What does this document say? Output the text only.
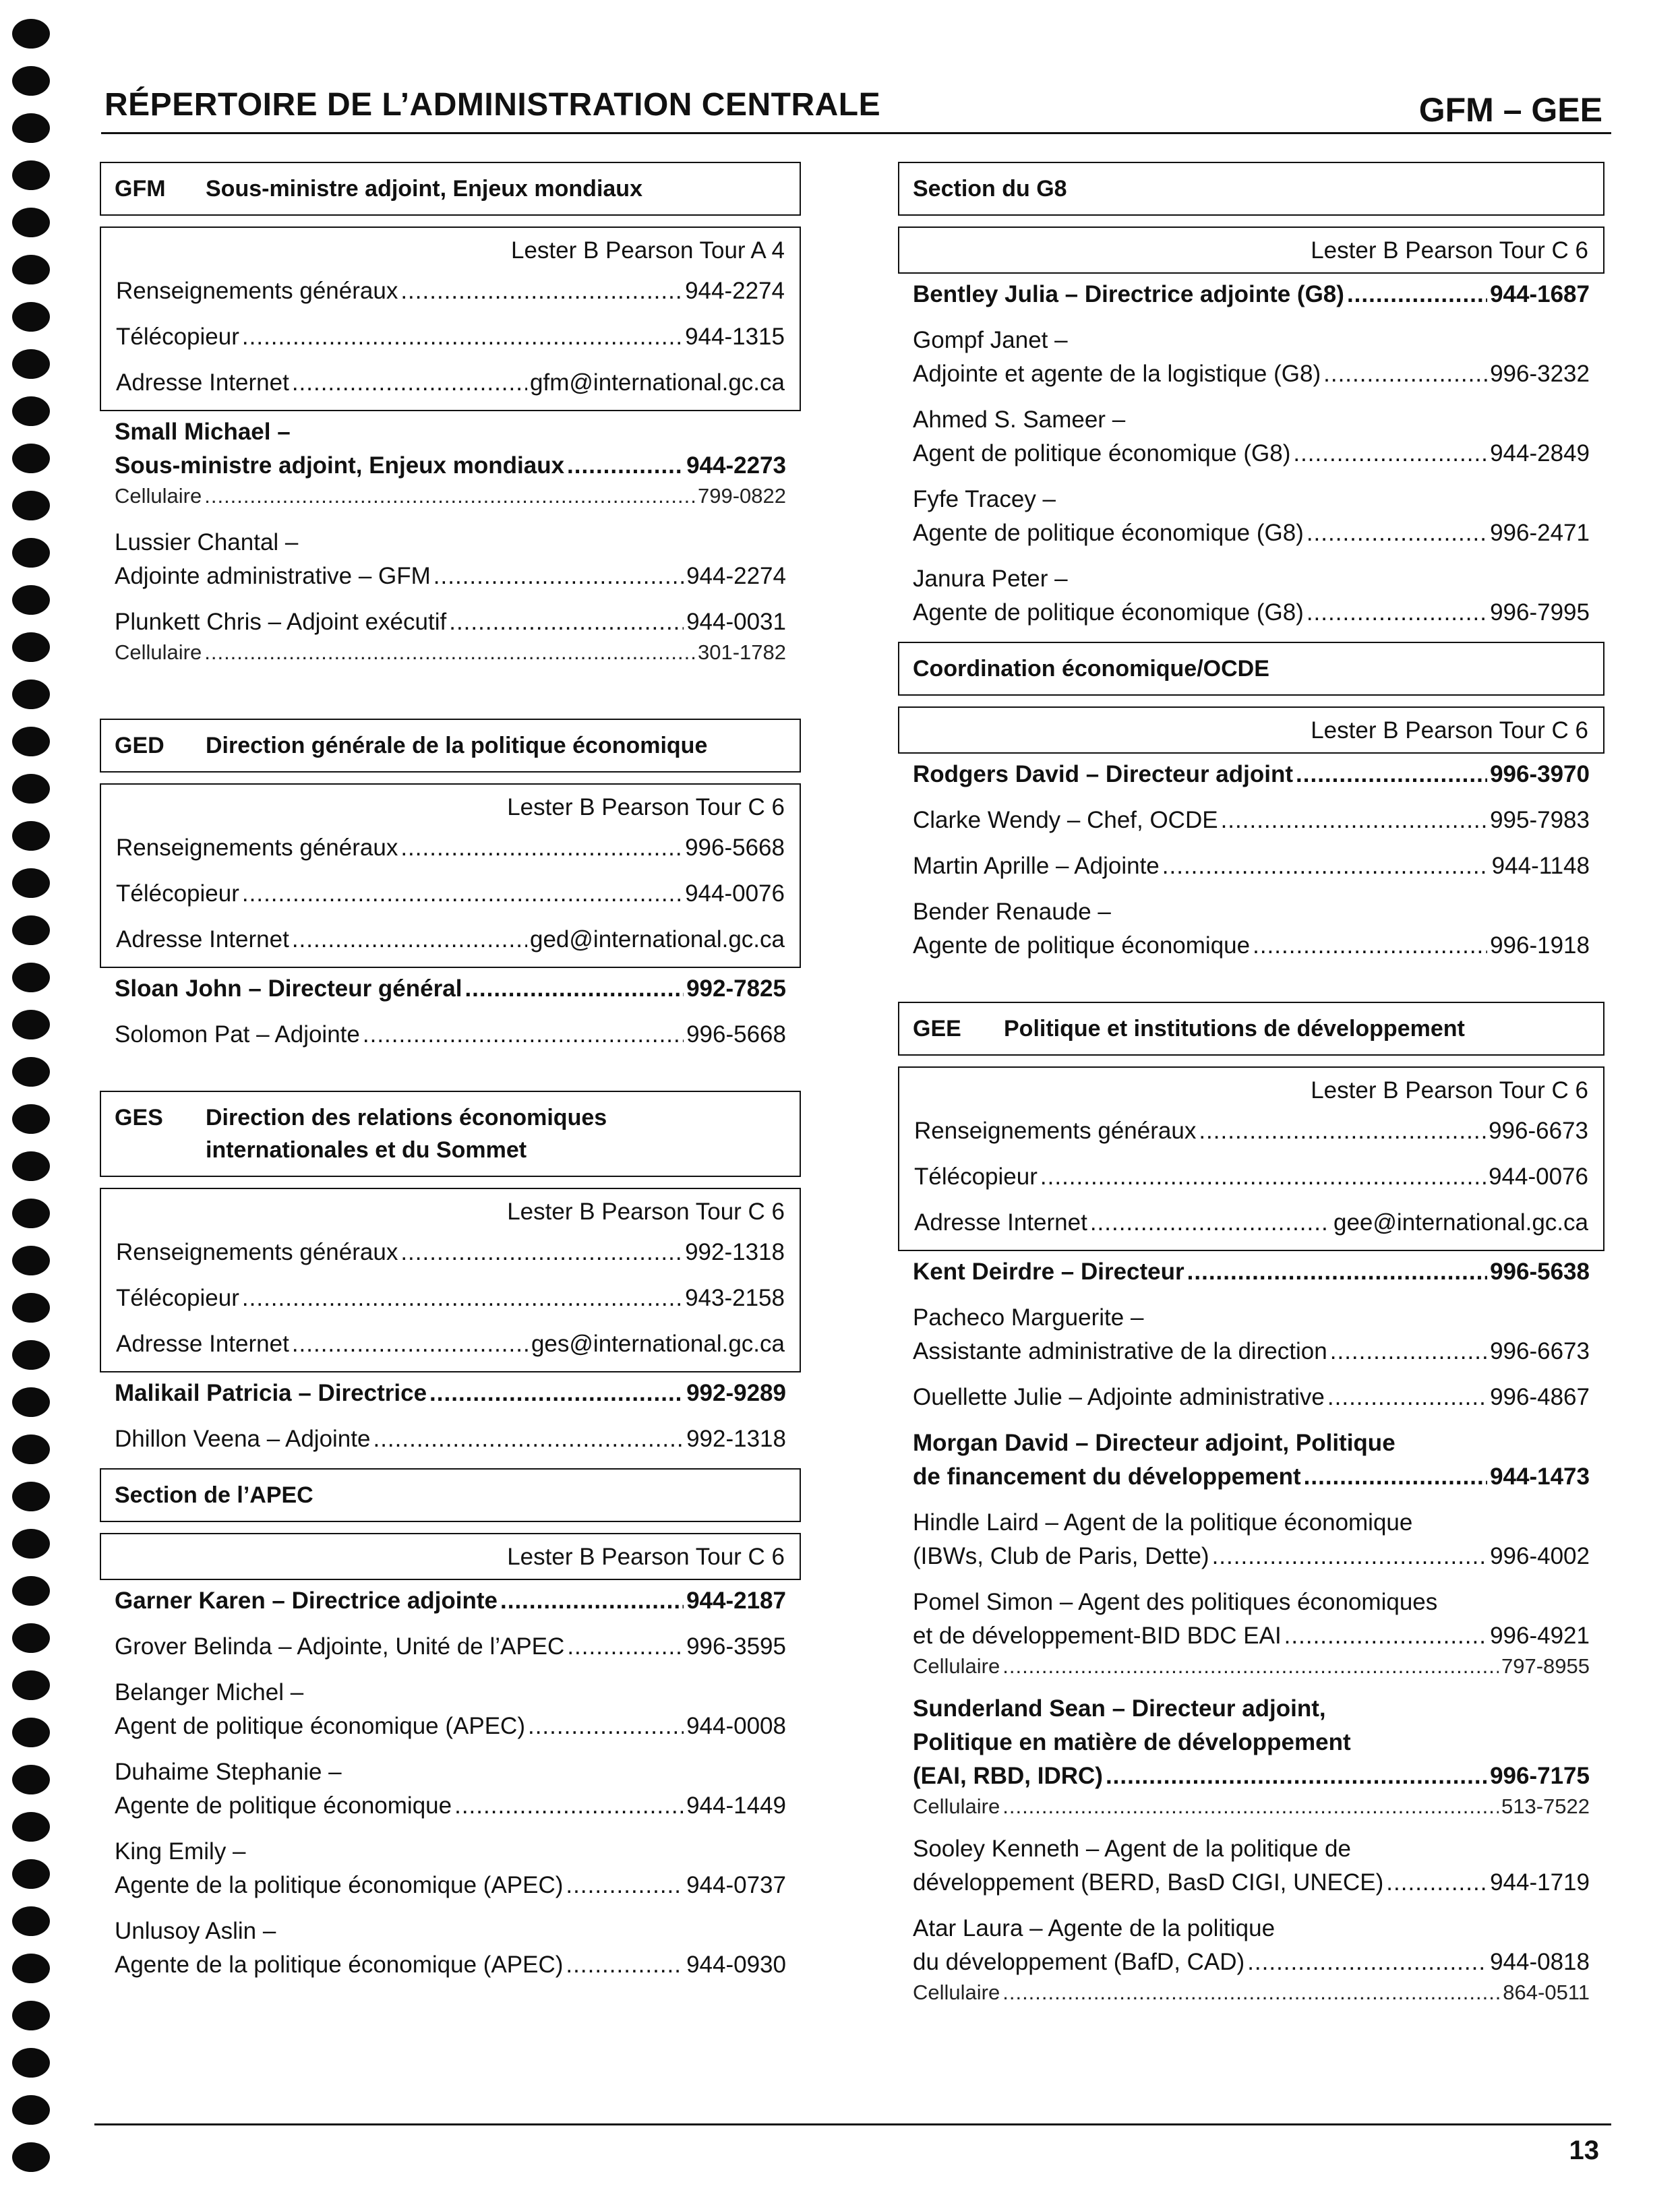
RÉPERTOIRE DE L’ADMINISTRATION CENTRALE	GFM – GEE
GFM Sous-ministre adjoint, Enjeux mondiaux
Lester B Pearson Tour A 4
Renseignements généraux .....	944-2274
Télécopieur .....	944-1315
Adresse Internet .....	gfm@international.gc.ca
Small Michael –
Sous-ministre adjoint, Enjeux mondiaux .....	944-2273
Cellulaire .....	799-0822
Lussier Chantal –
Adjointe administrative – GFM .....	944-2274
Plunkett Chris – Adjoint exécutif .....	944-0031
Cellulaire .....	301-1782
GED Direction générale de la politique économique
Lester B Pearson Tour C 6
Renseignements généraux .....	996-5668
Télécopieur .....	944-0076
Adresse Internet .....	ged@international.gc.ca
Sloan John – Directeur général .....	992-7825
Solomon Pat – Adjointe .....	996-5668
GES Direction des relations économiques
internationales et du Sommet
Lester B Pearson Tour C 6
Renseignements généraux .....	992-1318
Télécopieur .....	943-2158
Adresse Internet .....	ges@international.gc.ca
Malikail Patricia – Directrice .....	992-9289
Dhillon Veena – Adjointe .....	992-1318
Section de l’APEC
Lester B Pearson Tour C 6
Garner Karen – Directrice adjointe .....	944-2187
Grover Belinda – Adjointe, Unité de l’APEC .....	996-3595
Belanger Michel –
Agent de politique économique (APEC) .....	944-0008
Duhaime Stephanie –
Agente de politique économique .....	944-1449
King Emily –
Agente de la politique économique (APEC) .....	944-0737
Unlusoy Aslin –
Agente de la politique économique (APEC) .....	944-0930
Section du G8
Lester B Pearson Tour C 6
Bentley Julia – Directrice adjointe (G8) .....	944-1687
Gompf Janet –
Adjointe et agente de la logistique (G8) .....	996-3232
Ahmed S. Sameer –
Agent de politique économique (G8) .....	944-2849
Fyfe Tracey –
Agente de politique économique (G8) .....	996-2471
Janura Peter –
Agente de politique économique (G8) .....	996-7995
Coordination économique/OCDE
Lester B Pearson Tour C 6
Rodgers David – Directeur adjoint .....	996-3970
Clarke Wendy – Chef, OCDE .....	995-7983
Martin Aprille – Adjointe .....	944-1148
Bender Renaude –
Agente de politique économique .....	996-1918
GEE Politique et institutions de développement
Lester B Pearson Tour C 6
Renseignements généraux .....	996-6673
Télécopieur .....	944-0076
Adresse Internet .....	gee@international.gc.ca
Kent Deirdre – Directeur .....	996-5638
Pacheco Marguerite –
Assistante administrative de la direction .....	996-6673
Ouellette Julie – Adjointe administrative .....	996-4867
Morgan David – Directeur adjoint, Politique
de financement du développement .....	944-1473
Hindle Laird – Agent de la politique économique
(IBWs, Club de Paris, Dette) .....	996-4002
Pomel Simon – Agent des politiques économiques
et de développement-BID BDC EAI .....	996-4921
Cellulaire .....	797-8955
Sunderland Sean – Directeur adjoint,
Politique en matière de développement
(EAI, RBD, IDRC) .....	996-7175
Cellulaire .....	513-7522
Sooley Kenneth – Agent de la politique de
développement (BERD, BasD CIGI, UNECE) .....	944-1719
Atar Laura – Agente de la politique
du développement (BafD, CAD) .....	944-0818
Cellulaire .....	864-0511
13
